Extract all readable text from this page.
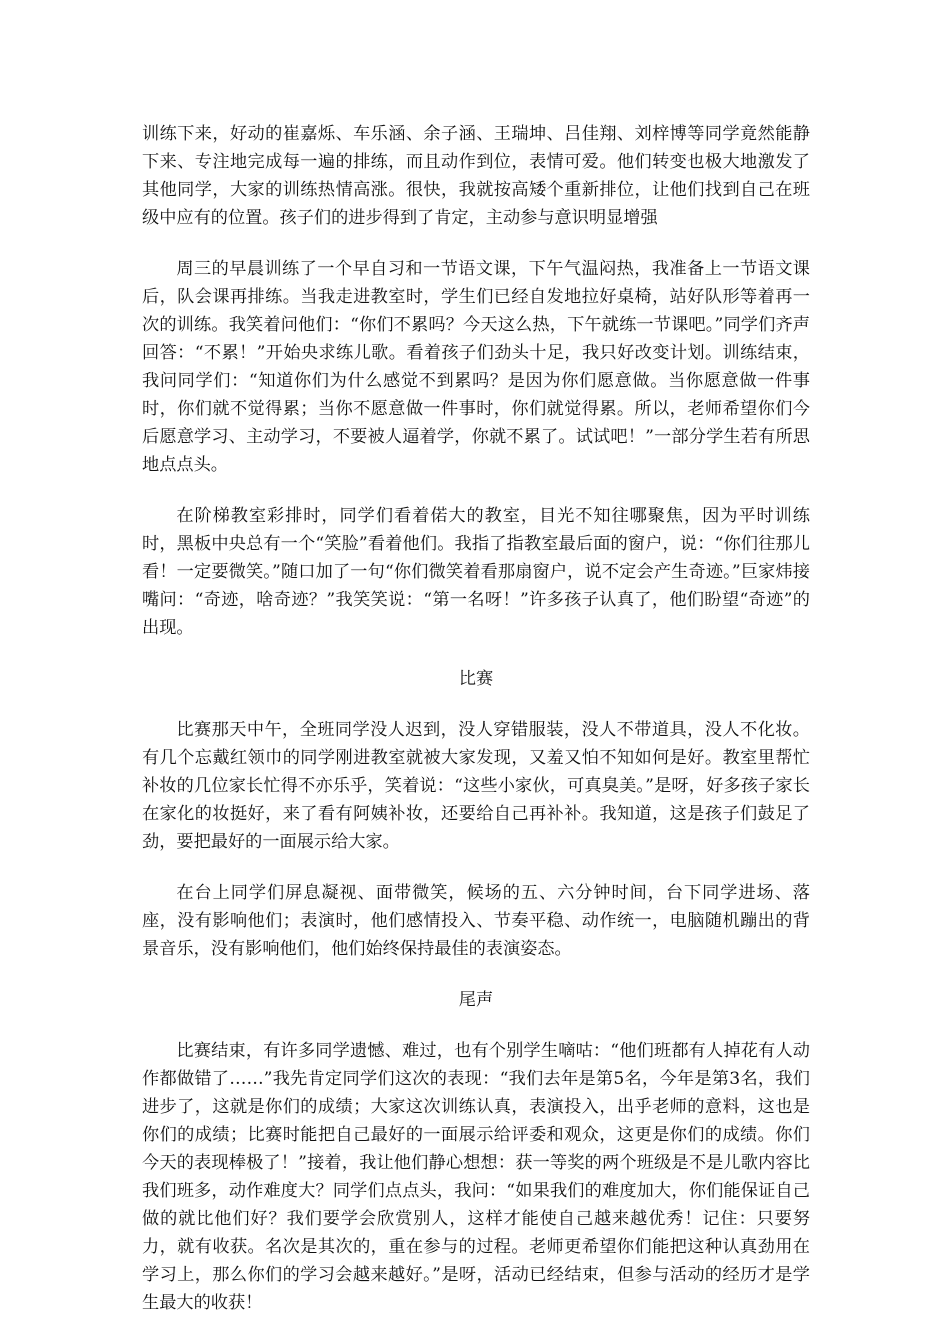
训练下来，好动的崔嘉烁、车乐涵、余子涵、王瑞坤、吕佳翔、刘梓博等同学竟然能静下来、专注地完成每一遍的排练，而且动作到位，表情可爱。他们转变也极大地激发了其他同学，大家的训练热情高涨。很快，我就按高矮个重新排位，让他们找到自己在班级中应有的位置。孩子们的进步得到了肯定，主动参与意识明显增强

周三的早晨训练了一个早自习和一节语文课，下午气温闷热，我准备上一节语文课后，队会课再排练。当我走进教室时，学生们已经自发地拉好桌椅，站好队形等着再一次的训练。我笑着问他们：“你们不累吗？今天这么热，下午就练一节课吧。”同学们齐声回答：“不累！”开始央求练儿歌。看着孩子们劲头十足，我只好改变计划。训练结束，我问同学们：“知道你们为什么感觉不到累吗？是因为你们愿意做。当你愿意做一件事时，你们就不觉得累；当你不愿意做一件事时，你们就觉得累。所以，老师希望你们今后愿意学习、主动学习，不要被人逼着学，你就不累了。试试吧！”一部分学生若有所思地点点头。

在阶梯教室彩排时，同学们看着偌大的教室，目光不知往哪聚焦，因为平时训练时，黑板中央总有一个“笑脸”看着他们。我指了指教室最后面的窗户，说：“你们往那儿看！一定要微笑。”随口加了一句“你们微笑着看那扇窗户，说不定会产生奇迹。”巨家炜接嘴问：“奇迹，啥奇迹？”我笑笑说：“第一名呀！”许多孩子认真了，他们盼望“奇迹”的出现。

比赛

比赛那天中午，全班同学没人迟到，没人穿错服装，没人不带道具，没人不化妆。有几个忘戴红领巾的同学刚进教室就被大家发现，又羞又怕不知如何是好。教室里帮忙补妆的几位家长忙得不亦乐乎，笑着说：“这些小家伙，可真臭美。”是呀，好多孩子家长在家化的妆挺好，来了看有阿姨补妆，还要给自己再补补。我知道，这是孩子们鼓足了劲，要把最好的一面展示给大家。

在台上同学们屏息凝视、面带微笑，候场的五、六分钟时间，台下同学进场、落座，没有影响他们；表演时，他们感情投入、节奏平稳、动作统一，电脑随机蹦出的背景音乐，没有影响他们，他们始终保持最佳的表演姿态。

尾声

比赛结束，有许多同学遗憾、难过，也有个别学生嘀咕：“他们班都有人掉花有人动作都做错了……”我先肯定同学们这次的表现：“我们去年是第5名，今年是第3名，我们进步了，这就是你们的成绩；大家这次训练认真，表演投入，出乎老师的意料，这也是你们的成绩；比赛时能把自己最好的一面展示给评委和观众，这更是你们的成绩。你们今天的表现棒极了！”接着，我让他们静心想想：获一等奖的两个班级是不是儿歌内容比我们班多，动作难度大？同学们点点头，我问：“如果我们的难度加大，你们能保证自己做的就比他们好？我们要学会欣赏别人，这样才能使自己越来越优秀！记住：只要努力，就有收获。名次是其次的，重在参与的过程。老师更希望你们能把这种认真劲用在学习上，那么你们的学习会越来越好。”是呀，活动已经结束，但参与活动的经历才是学生最大的收获！
